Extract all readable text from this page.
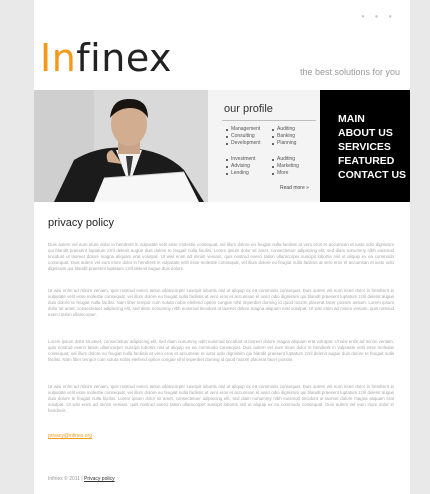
● ● ●
Infinex	the best solutions for you
our profile
Management
Consulting
Development
Auditing
Banking
Planning
Investment
Advising
Lending
Auditing
Marketing
More
Read more »
MAIN
ABOUT US
SERVICES
FEATURED
CONTACT US
privacy policy

Duis autem vel eum iriure dolor in hendrerit in vulputate velit esse molestie consequat, vel illum dolore eu feugiat nulla facilisis at vero eros et accumsan et iusto odio dignissim qui blandit praesent luptatum zzril delenit augue duis dolore te feugait nulla facilisi. Lorem ipsum dolor sit amet, consectetuer adipiscing elit, sed diam nonummy nibh euismod tincidunt ut laoreet dolore magna aliquam erat volutpat. Ut wisi enim ad minim veniam, quis nostrud exerci tation ullamcorper suscipit lobortis nisl ut aliquip ex ea commodo consequat. Duis autem vel eum iriure dolor in hendrerit in vulputate velit esse molestie consequat, vel illum dolore eu feugiat nulla facilisis at vero eros et accumsan et iusto odio dignissim qui blandit praesent luptatum zzril delenit augue duis dolore.

Ut wisi enim ad minim veniam, quis nostrud exerci tation ullamcorper suscipit lobortis nisl ut aliquip ex ea commodo consequat. Duis autem vel eum iriure dolor in hendrerit in vulputate velit esse molestie consequat, vel illum dolore eu feugiat nulla facilisis at vero eros et accumsan et iusto odio dignissim qui blandit praesent luptatum zzril delenit augue duis dolore te feugait nulla facilisi. Nam liber tempor cum soluta nobis eleifend option congue nihil imperdiet doming id quod mazim placerat facer possim assum. Lorem ipsum dolor sit amet, consectetuer adipiscing elit, sed diam nonummy nibh euismod tincidunt ut laoreet dolore magna aliquam erat volutpat. Ut wisi enim ad minim veniam, quis nostrud exerci tation ullamcorper.

Lorem ipsum dolor sit amet, consectetuer adipiscing elit, sed diam nonummy nibh euismod tincidunt ut laoreet dolore magna aliquam erat volutpat. Ut wisi enim ad minim veniam, quis nostrud exerci tation ullamcorper suscipit lobortis nisl ut aliquip ex ea commodo consequat. Duis autem vel eum iriure dolor in hendrerit in vulputate velit esse molestie consequat, vel illum dolore eu feugiat nulla facilisis at vero eros et accumsan et iusto odio dignissim qui blandit praesent luptatum zzril delenit augue duis dolore te feugait nulla facilisi. Nam liber tempor cum soluta nobis eleifend option congue nihil imperdiet doming id quod mazim placerat facer possim.

Ut wisi enim ad minim veniam, quis nostrud exerci tation ullamcorper suscipit lobortis nisl ut aliquip ex ea commodo consequat. Duis autem vel eum iriure dolor in hendrerit in vulputate velit esse molestie consequat, vel illum dolore eu feugiat nulla facilisis at vero eros et accumsan et iusto odio dignissim qui blandit praesent luptatum zzril delenit augue duis dolore te feugait nulla facilisi. Lorem ipsum dolor sit amet, consectetuer adipiscing elit, sed diam nonummy nibh euismod tincidunt ut laoreet dolore magna aliquam erat volutpat. Ut wisi enim ad minim veniam, quis nostrud exerci tation ullamcorper suscipit lobortis nisl ut aliquip ex ea commodo consequat. Duis autem vel eum iriure dolor in hendrerit.

privacy@infinex.org
Infinex © 2011 | Privacy policy
